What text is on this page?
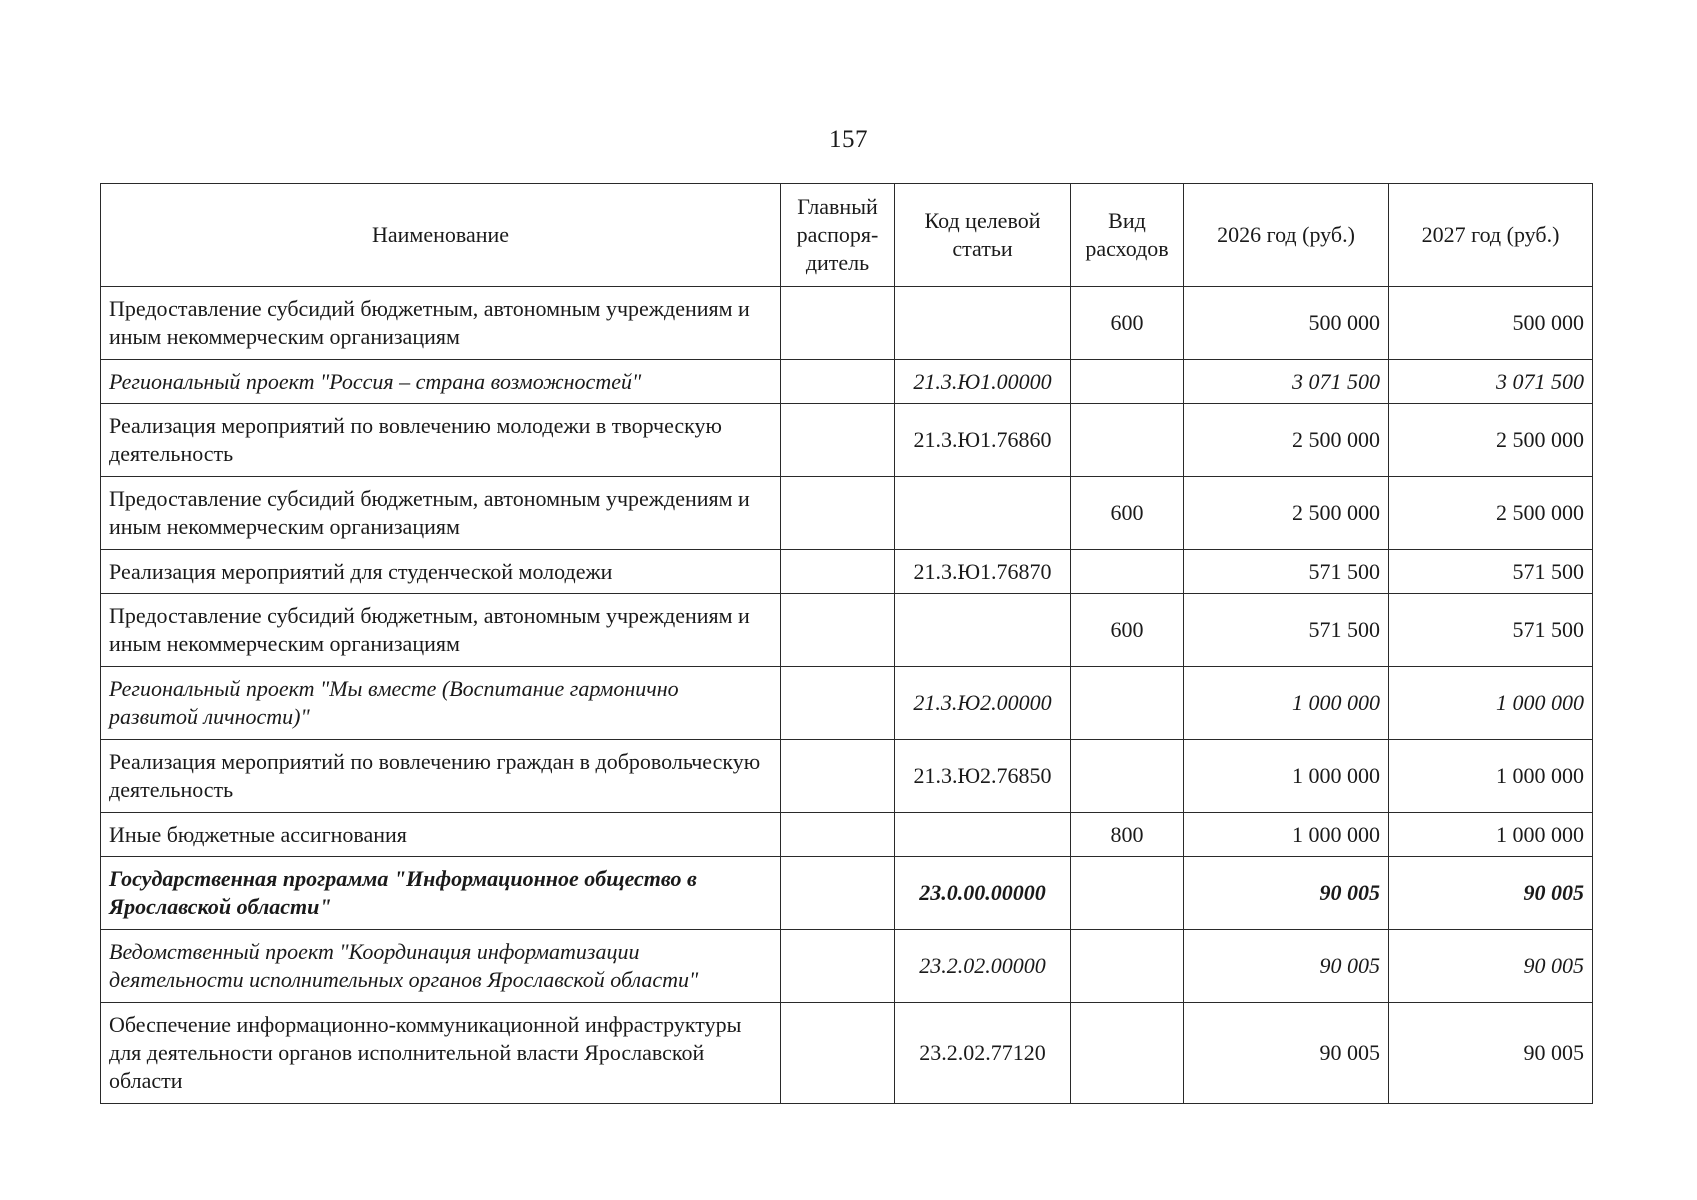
157
Наименование	Главный распоря-дитель	Код целевой статьи	Вид расходов	2026 год (руб.)	2027 год (руб.)
Предоставление субсидий бюджетным, автономным учреждениям и иным некоммерческим организациям			600	500 000	500 000
Региональный проект "Россия – страна возможностей"		21.3.Ю1.00000		3 071 500	3 071 500
Реализация мероприятий по вовлечению молодежи в творческую деятельность		21.3.Ю1.76860		2 500 000	2 500 000
Предоставление субсидий бюджетным, автономным учреждениям и иным некоммерческим организациям			600	2 500 000	2 500 000
Реализация мероприятий для студенческой молодежи		21.3.Ю1.76870		571 500	571 500
Предоставление субсидий бюджетным, автономным учреждениям и иным некоммерческим организациям			600	571 500	571 500
Региональный проект "Мы вместе (Воспитание гармонично развитой личности)"		21.3.Ю2.00000		1 000 000	1 000 000
Реализация мероприятий по вовлечению граждан в добровольческую деятельность		21.3.Ю2.76850		1 000 000	1 000 000
Иные бюджетные ассигнования			800	1 000 000	1 000 000
Государственная программа "Информационное общество в Ярославской области"		23.0.00.00000		90 005	90 005
Ведомственный проект "Координация информатизации деятельности исполнительных органов Ярославской области"		23.2.02.00000		90 005	90 005
Обеспечение информационно-коммуникационной инфраструктуры для деятельности органов исполнительной власти Ярославской области		23.2.02.77120		90 005	90 005
